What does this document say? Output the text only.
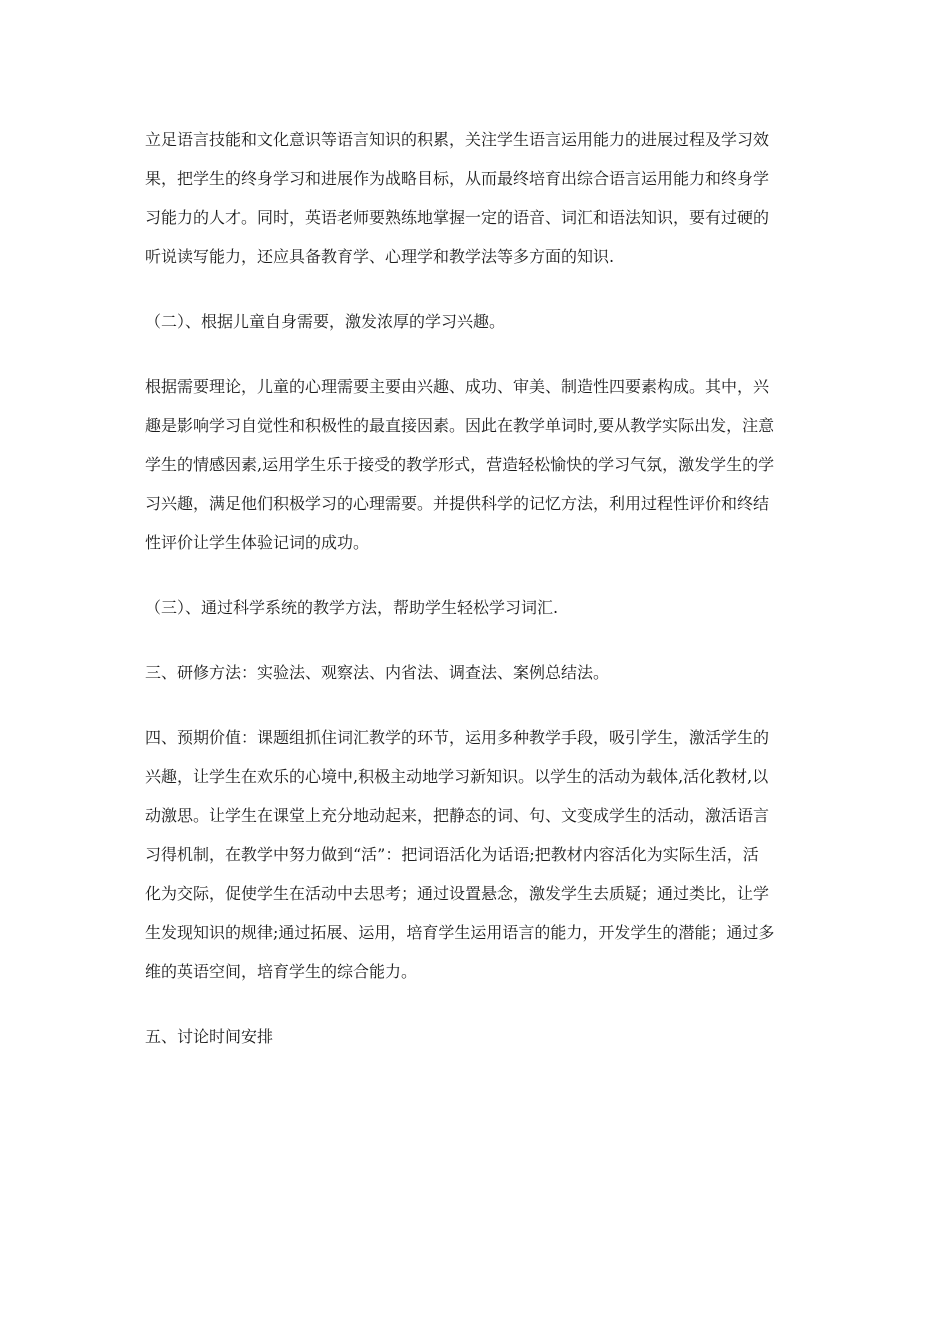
立足语言技能和文化意识等语言知识的积累，关注学生语言运用能力的进展过程及学习效
果，把学生的终身学习和进展作为战略目标，从而最终培育出综合语言运用能力和终身学
习能力的人才。同时，英语老师要熟练地掌握一定的语音、词汇和语法知识，要有过硬的
听说读写能力，还应具备教育学、心理学和教学法等多方面的知识.
（二）、根据儿童自身需要，激发浓厚的学习兴趣。
根据需要理论，儿童的心理需要主要由兴趣、成功、审美、制造性四要素构成。其中，兴
趣是影响学习自觉性和积极性的最直接因素。因此在教学单词时,要从教学实际出发，注意
学生的情感因素,运用学生乐于接受的教学形式，营造轻松愉快的学习气氛，激发学生的学
习兴趣，满足他们积极学习的心理需要。并提供科学的记忆方法，利用过程性评价和终结
性评价让学生体验记词的成功。
（三）、通过科学系统的教学方法，帮助学生轻松学习词汇.
三、研修方法：实验法、观察法、内省法、调查法、案例总结法。
四、预期价值：课题组抓住词汇教学的环节，运用多种教学手段，吸引学生，激活学生的
兴趣，让学生在欢乐的心境中,积极主动地学习新知识。以学生的活动为载体,活化教材,以
动激思。让学生在课堂上充分地动起来，把静态的词、句、文变成学生的活动，激活语言
习得机制，在教学中努力做到“活”：把词语活化为话语;把教材内容活化为实际生活，活
化为交际，促使学生在活动中去思考；通过设置悬念，激发学生去质疑；通过类比，让学
生发现知识的规律;通过拓展、运用，培育学生运用语言的能力，开发学生的潜能；通过多
维的英语空间，培育学生的综合能力。
五、讨论时间安排
